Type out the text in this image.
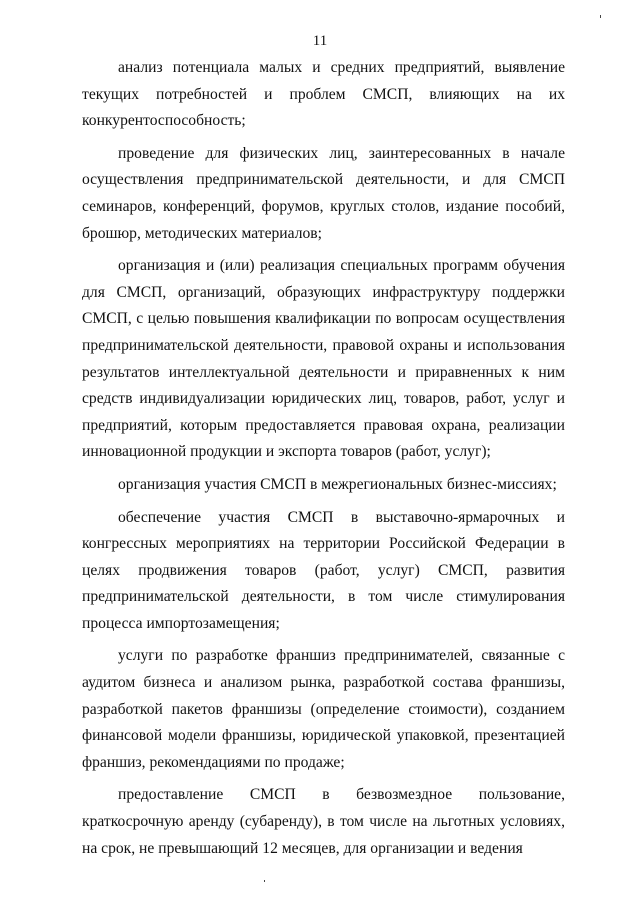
11

анализ потенциала малых и средних предприятий, выявление текущих потребностей и проблем СМСП, влияющих на их конкурентоспособность;

проведение для физических лиц, заинтересованных в начале осуществления предпринимательской деятельности, и для СМСП семинаров, конференций, форумов, круглых столов, издание пособий, брошюр, методических материалов;

организация и (или) реализация специальных программ обучения для СМСП, организаций, образующих инфраструктуру поддержки СМСП, с целью повышения квалификации по вопросам осуществления предпринимательской деятельности, правовой охраны и использования результатов интеллектуальной деятельности и приравненных к ним средств индивидуализации юридических лиц, товаров, работ, услуг и предприятий, которым предоставляется правовая охрана, реализации инновационной продукции и экспорта товаров (работ, услуг);

организация участия СМСП в межрегиональных бизнес-миссиях;

обеспечение участия СМСП в выставочно-ярмарочных и конгрессных мероприятиях на территории Российской Федерации в целях продвижения товаров (работ, услуг) СМСП, развития предпринимательской деятельности, в том числе стимулирования процесса импортозамещения;

услуги по разработке франшиз предпринимателей, связанные с аудитом бизнеса и анализом рынка, разработкой состава франшизы, разработкой пакетов франшизы (определение стоимости), созданием финансовой модели франшизы, юридической упаковкой, презентацией франшиз, рекомендациями по продаже;

предоставление СМСП в безвозмездное пользование, краткосрочную аренду (субаренду), в том числе на льготных условиях, на срок, не превышающий 12 месяцев, для организации и ведения
